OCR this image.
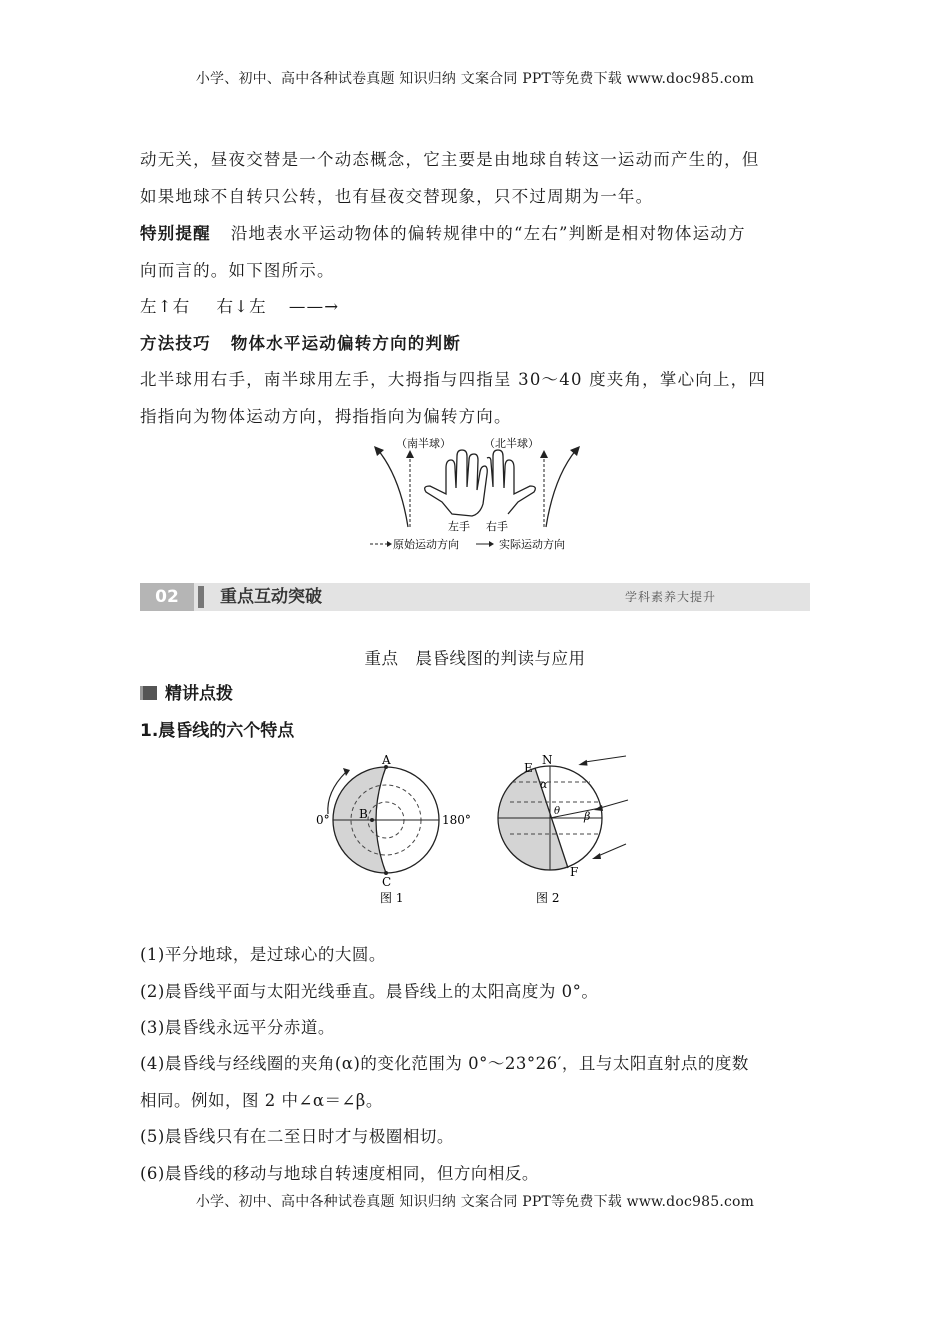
小学、初中、高中各种试卷真题 知识归纳 文案合同 PPT等免费下载 www.doc985.com
动无关，昼夜交替是一个动态概念，它主要是由地球自转这一运动而产生的，但
如果地球不自转只公转，也有昼夜交替现象，只不过周期为一年。
特别提醒 沿地表水平运动物体的偏转规律中的“左右”判断是相对物体运动方
向而言的。如下图所示。
左↑右 右↓左 ——→
方法技巧 物体水平运动偏转方向的判断
北半球用右手，南半球用左手，大拇指与四指呈 30～40 度夹角，掌心向上，四
指指向为物体运动方向，拇指指向为偏转方向。
（南半球）	（北半球）
左手 右手
原始运动方向	实际运动方向
02	重点互动突破	学科素养大提升
重点　晨昏线图的判读与应用
精讲点拨
1.晨昏线的六个特点
A
B
C
0°	180°
图 1
E
N
F
α
θ β
图 2
(1)平分地球，是过球心的大圆。
(2)晨昏线平面与太阳光线垂直。晨昏线上的太阳高度为 0°。
(3)晨昏线永远平分赤道。
(4)晨昏线与经线圈的夹角(α)的变化范围为 0°～23°26′，且与太阳直射点的度数
相同。例如，图 2 中∠α＝∠β。
(5)晨昏线只有在二至日时才与极圈相切。
(6)晨昏线的移动与地球自转速度相同，但方向相反。
小学、初中、高中各种试卷真题 知识归纳 文案合同 PPT等免费下载 www.doc985.com
